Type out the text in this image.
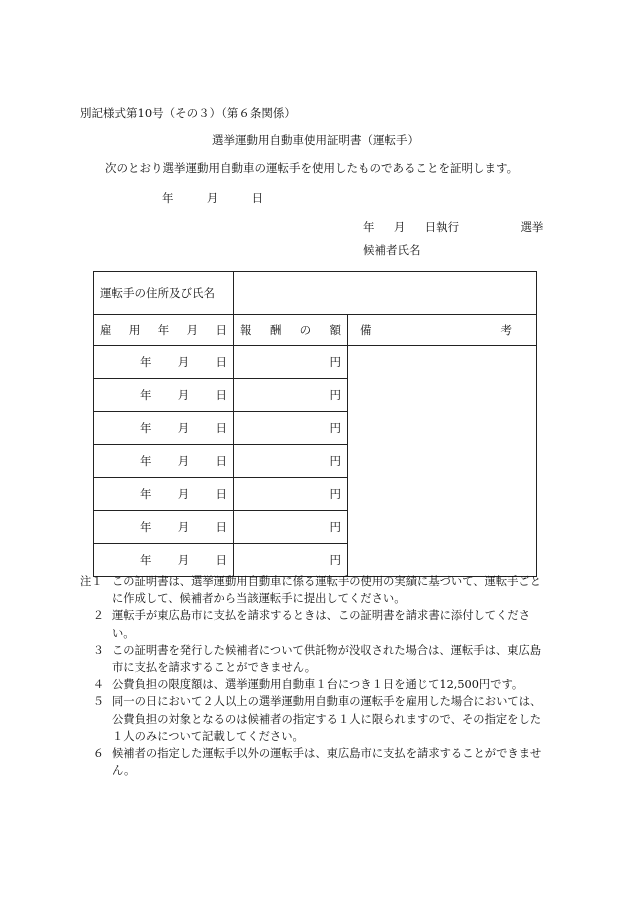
別記様式第10号（その３）（第６条関係）
選挙運動用自動車使用証明書（運転手）
次のとおり選挙運動用自動車の運転手を使用したものであることを証明します。
年	月	日
年 月 日執行	選挙
候補者氏名
運転手の住所及び氏名		

雇 用 年 月 日	報 酬 の 額	備 考

年 月 日	円	

年 月 日	円	

年 月 日	円	

年 月 日	円	

年 月 日	円	

年 月 日	円	

年 月 日	円	
注１ この証明書は、選挙運動用自動車に係る運転手の使用の実績に基づいて、運転手ごとに作成して、候補者から当該運転手に提出してください。
２ 運転手が東広島市に支払を請求するときは、この証明書を請求書に添付してください。
３ この証明書を発行した候補者について供託物が没収された場合は、運転手は、東広島市に支払を請求することができません。
４ 公費負担の限度額は、選挙運動用自動車１台につき１日を通じて12,500円です。
５ 同一の日において２人以上の選挙運動用自動車の運転手を雇用した場合においては、公費負担の対象となるのは候補者の指定する１人に限られますので、その指定をした１人のみについて記載してください。
６ 候補者の指定した運転手以外の運転手は、東広島市に支払を請求することができません。
